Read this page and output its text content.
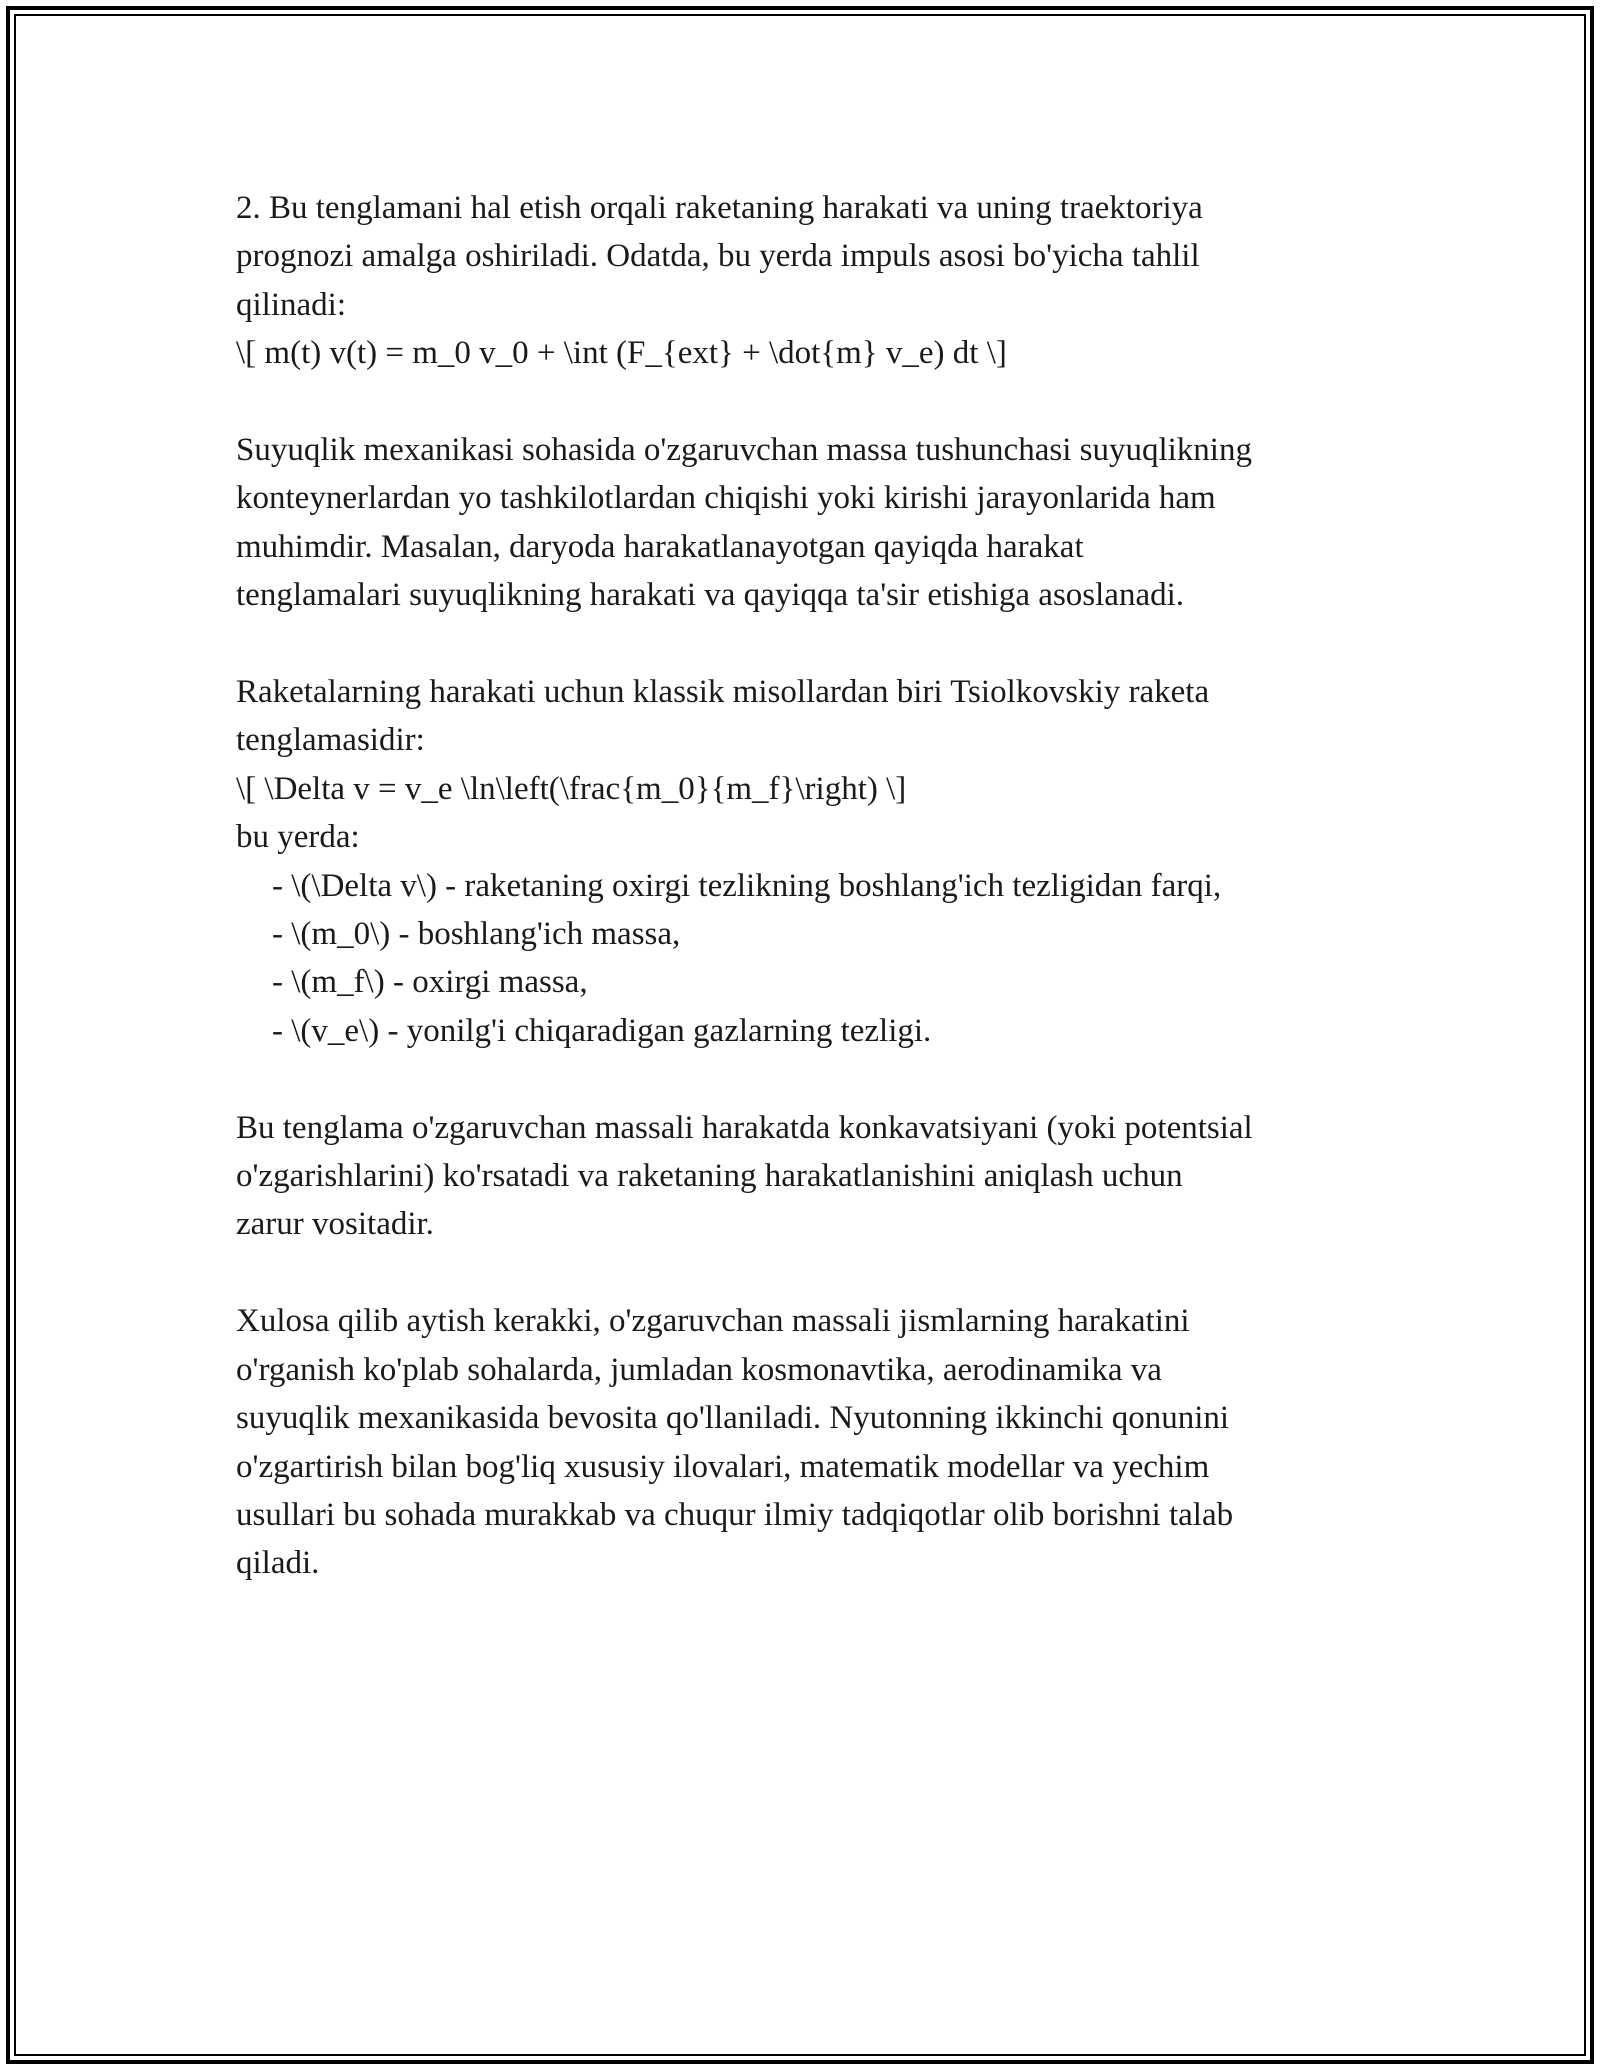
2. Bu tenglamani hal etish orqali raketaning harakati va uning traektoriya
prognozi amalga oshiriladi. Odatda, bu yerda impuls asosi bo'yicha tahlil
qilinadi:
\[ m(t) v(t) = m_0 v_0 + \int (F_{ext} + \dot{m} v_e) dt \]
Suyuqlik mexanikasi sohasida o'zgaruvchan massa tushunchasi suyuqlikning
konteynerlardan yo tashkilotlardan chiqishi yoki kirishi jarayonlarida ham
muhimdir. Masalan, daryoda harakatlanayotgan qayiqda harakat
tenglamalari suyuqlikning harakati va qayiqqa ta'sir etishiga asoslanadi.
Raketalarning harakati uchun klassik misollardan biri Tsiolkovskiy raketa
tenglamasidir:
\[ \Delta v = v_e \ln\left(\frac{m_0}{m_f}\right) \]
bu yerda:
- \(\Delta v\) - raketaning oxirgi tezlikning boshlang'ich tezligidan farqi,
- \(m_0\) - boshlang'ich massa,
- \(m_f\) - oxirgi massa,
- \(v_e\) - yonilg'i chiqaradigan gazlarning tezligi.
Bu tenglama o'zgaruvchan massali harakatda konkavatsiyani (yoki potentsial
o'zgarishlarini) ko'rsatadi va raketaning harakatlanishini aniqlash uchun
zarur vositadir.
Xulosa qilib aytish kerakki, o'zgaruvchan massali jismlarning harakatini
o'rganish ko'plab sohalarda, jumladan kosmonavtika, aerodinamika va
suyuqlik mexanikasida bevosita qo'llaniladi. Nyutonning ikkinchi qonunini
o'zgartirish bilan bog'liq xususiy ilovalari, matematik modellar va yechim
usullari bu sohada murakkab va chuqur ilmiy tadqiqotlar olib borishni talab
qiladi.
